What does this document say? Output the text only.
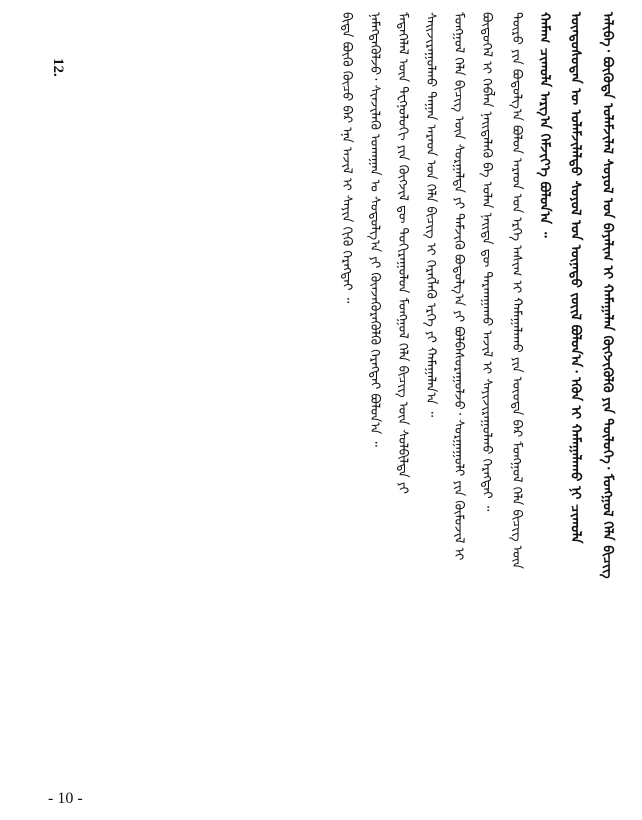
ᠠᠯᠢᠪᠠ᠂ ᠪᠦᠭᠦᠳᠡ ᠤᠯᠠᠮᠵᠢᠯᠠᠯ ᠰᠤᠶᠤᠯ ᠤᠨ ᠪᠠᠶᠠᠯᠢᠭ ᠢ ᠬᠠᠮᠠᠭᠠᠯᠠᠨ ᠬᠥᠭᠵᠢᠭᠦᠯᠬᠦ ᠶᠢᠨ ᠲᠥᠯᠥᠭᠡ᠂ ᠮᠣᠩᠭᠣᠯ ᠬᠡᠯᠡ ᠪᠢᠴᠢᠭ
ᠦᠨᠳᠦᠰᠦᠲᠡᠨ ᠦ ᠤᠯᠠᠮᠵᠢᠯᠠᠯᠲᠤ ᠰᠤᠶᠤᠯ ᠤᠨ ᠦᠨᠡᠲᠦ ᠵᠦᠢᠯ ᠪᠣᠯᠤᠨ᠎ᠠ᠂ ᠡᠭᠦᠨ ᠢ ᠬᠠᠮᠠᠭᠠᠯᠠᠬᠤ ᠨᠢ ᠴᠢᠬᠤᠯᠠ
ᠬᠠᠮᠠᠭ ᠴᠢᠬᠤᠯᠠ ᠠᠷᠭ᠎ᠠ ᠬᠡᠮᠵᠢᠶ᠎ᠡ ᠪᠣᠯᠤᠨ᠎ᠠ ᠃
ᠲᠥᠷᠥ ᠶᠢᠨ ᠪᠣᠳᠤᠯᠭ᠎ᠠ ᠪᠣᠯᠤᠨ ᠠᠷᠠᠳ ᠤᠨ ᠡᠷᠬᠡ ᠠᠰᠢᠭ ᠢ ᠬᠠᠮᠠᠭᠠᠯᠠᠬᠤ ᠶᠢᠨ ᠦᠦᠳᠡ ᠪᠡᠷ ᠮᠣᠩᠭᠣᠯ ᠬᠡᠯᠡ ᠪᠢᠴᠢᠭ ᠦᠨ
ᠪᠦᠲᠦᠭᠡᠯ ᠢ ᠬᠡᠪᠯᠡᠨ ᠨᠡᠢᠲᠡᠯᠡᠬᠦ ᠪᠠ ᠣᠯᠠᠨ ᠨᠡᠢᠲᠡ ᠳᠦ ᠲᠠᠷᠬᠠᠭᠠᠬᠤ ᠠᠵᠢᠯ ᠢ ᠰᠠᠶᠢᠵᠢᠷᠠᠭᠤᠯᠬᠤ ᠬᠡᠷᠡᠭᠲᠡᠶ ᠃
ᠮᠣᠩᠭᠣᠯ ᠬᠡᠯᠡ ᠪᠢᠴᠢᠭ ᠦᠨ ᠰᠤᠷᠭᠠᠯᠲᠠ ᠶᠢ ᠳᠡᠮᠵᠢᠬᠦ ᠪᠣᠳᠤᠯᠭ᠎ᠠ ᠶᠢ ᠪᠣᠯᠪᠠᠰᠤᠷᠠᠭᠤᠯᠵᠤ᠂ ᠰᠤᠷᠭᠠᠭᠤᠯᠢ ᠶᠢᠨ ᠬᠦᠮᠦᠵᠢᠯ ᠢ
ᠰᠠᠢᠵᠢᠷᠠᠭᠤᠯᠬᠤ ᠳᠠᠭᠠᠨ ᠠᠷᠠᠳ ᠤᠨ ᠬᠡᠯᠡ ᠪᠢᠴᠢᠭ ᠢ ᠬᠡᠷᠡᠭᠯᠡᠬᠦ ᠡᠷᠬᠡ ᠶᠢ ᠬᠠᠮᠠᠭᠠᠯᠠᠨ᠎ᠠ ᠃
ᠮᠡᠳᠡᠭᠡᠯᠡᠯ ᠦᠨ ᠲᠧᠭᠨᠣᠯᠣᠭᠢ ᠶᠢᠨ ᠬᠥᠭᠵᠢᠯ ᠳᠦ ᠲᠣᠬᠢᠷᠠᠭᠤᠯᠤᠨ ᠮᠣᠩᠭᠣᠯ ᠬᠡᠯᠡ ᠪᠢᠴᠢᠭ ᠦᠨ ᠰᠤᠯᠪᠢᠯᠲᠠ ᠶᠢ
ᠨᠡᠮᠡᠭᠳᠡᠭᠦᠯᠵᠦ᠂ ᠰᠢᠨᠵᠢᠯᠡᠬᠦ ᠤᠬᠠᠭᠠᠨ ᠤ ᠰᠤᠳᠤᠯᠭ᠎ᠠ ᠶᠢ ᠭᠦᠨᠵᠡᠭᠦᠷᠡᠭᠦᠯᠬᠦ ᠬᠡᠷᠡᠭᠲᠡᠶ ᠪᠣᠯᠤᠨ᠎ᠠ ᠃
ᠪᠢᠳᠡ ᠪᠦᠬᠦ ᠬᠦᠴᠦ ᠪᠡᠷ ᠡᠨᠡ ᠠᠵᠢᠯ ᠢ ᠰᠠᠶᠢᠨ ᠬᠢᠬᠦ ᠬᠡᠷᠡᠭᠲᠡᠶ ᠃
12.
- 10 -
